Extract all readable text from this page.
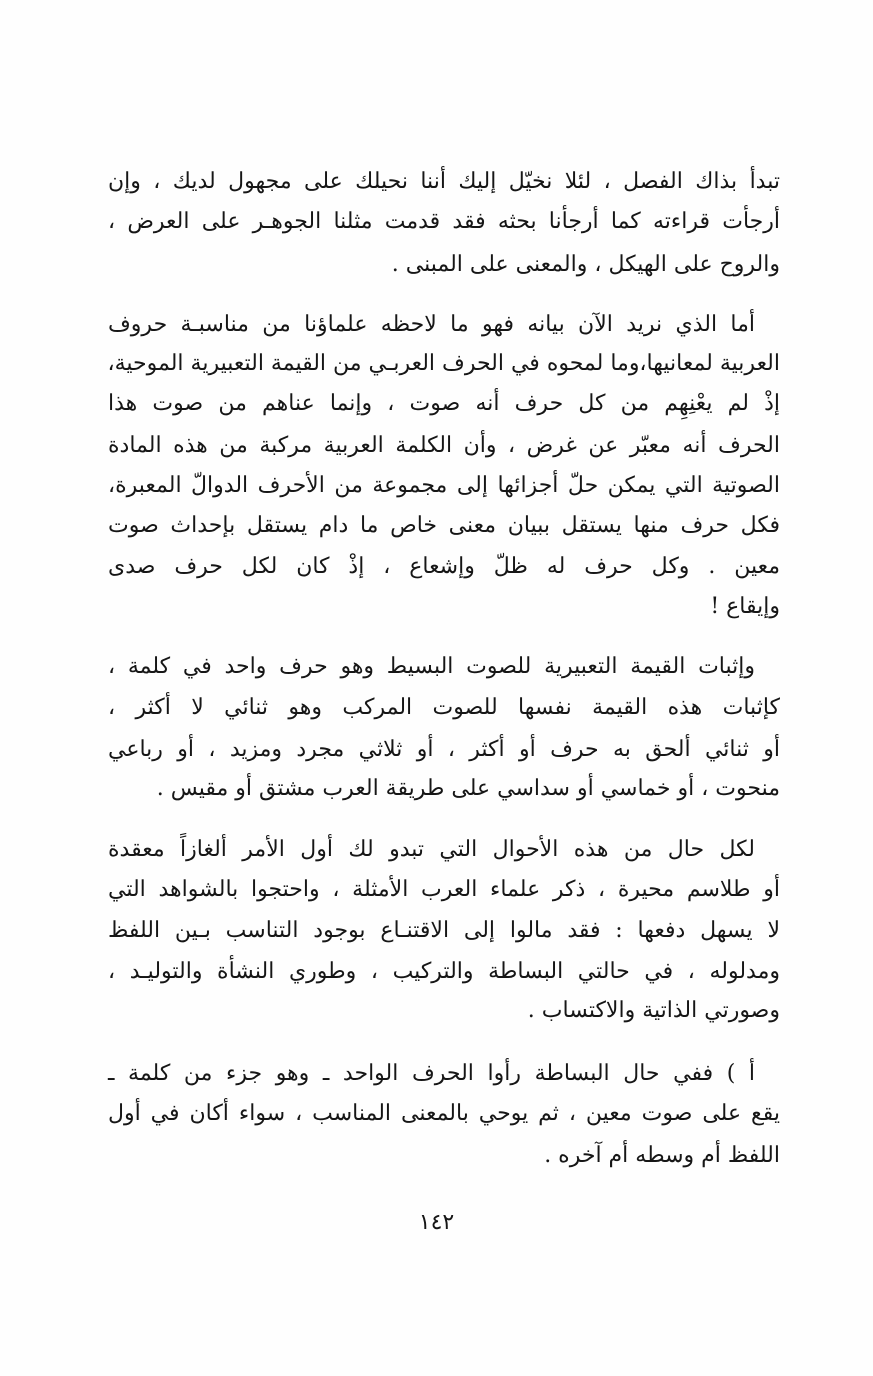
تبدأ بذاك الفصل ، لئلا نخيّل إليك أننا نحيلك على مجهول لديك ، وإن
أرجأت قراءته كما أرجأنا بحثه فقد قدمت مثلنا الجوهـر على العرض ،
والروح على الهيكل ، والمعنى على المبنى .
أما الذي نريد الآن بيانه فهو ما لاحظه علماؤنا من مناسبـة حروف
العربية لمعانيها،وما لمحوه في الحرف العربـي من القيمة التعبيرية الموحية،
إذْ لم يعْنِهِم من كل حرف أنه صوت ، وإنما عناهم من صوت هذا
الحرف أنه معبّر عن غرض ، وأن الكلمة العربية مركبة من هذه المادة
الصوتية التي يمكن حلّ أجزائها إلى مجموعة من الأحرف الدوالّ المعبرة،
فكل حرف منها يستقل ببيان معنى خاص ما دام يستقل بإحداث صوت
معين . وكل حرف له ظلّ وإشعاع ، إذْ كان لكل حرف صدى
وإيقاع !
وإثبات القيمة التعبيرية للصوت البسيط وهو حرف واحد في كلمة ،
كإثبات هذه القيمة نفسها للصوت المركب وهو ثنائي لا أكثر ،
أو ثنائي ألحق به حرف أو أكثر ، أو ثلاثي مجرد ومزيد ، أو رباعي
منحوت ، أو خماسي أو سداسي على طريقة العرب مشتق أو مقيس .
لكل حال من هذه الأحوال التي تبدو لك أول الأمر ألغازاً معقدة
أو طلاسم محيرة ، ذكر علماء العرب الأمثلة ، واحتجوا بالشواهد التي
لا يسهل دفعها : فقد مالوا إلى الاقتنـاع بوجود التناسب بـين اللفظ
ومدلوله ، في حالتي البساطة والتركيب ، وطوري النشأة والتوليـد ،
وصورتي الذاتية والاكتساب .
أ ) ففي حال البساطة رأوا الحرف الواحد ـ وهو جزء من كلمة ـ
يقع على صوت معين ، ثم يوحي بالمعنى المناسب ، سواء أكان في أول
اللفظ أم وسطه أم آخره .
١٤٢
